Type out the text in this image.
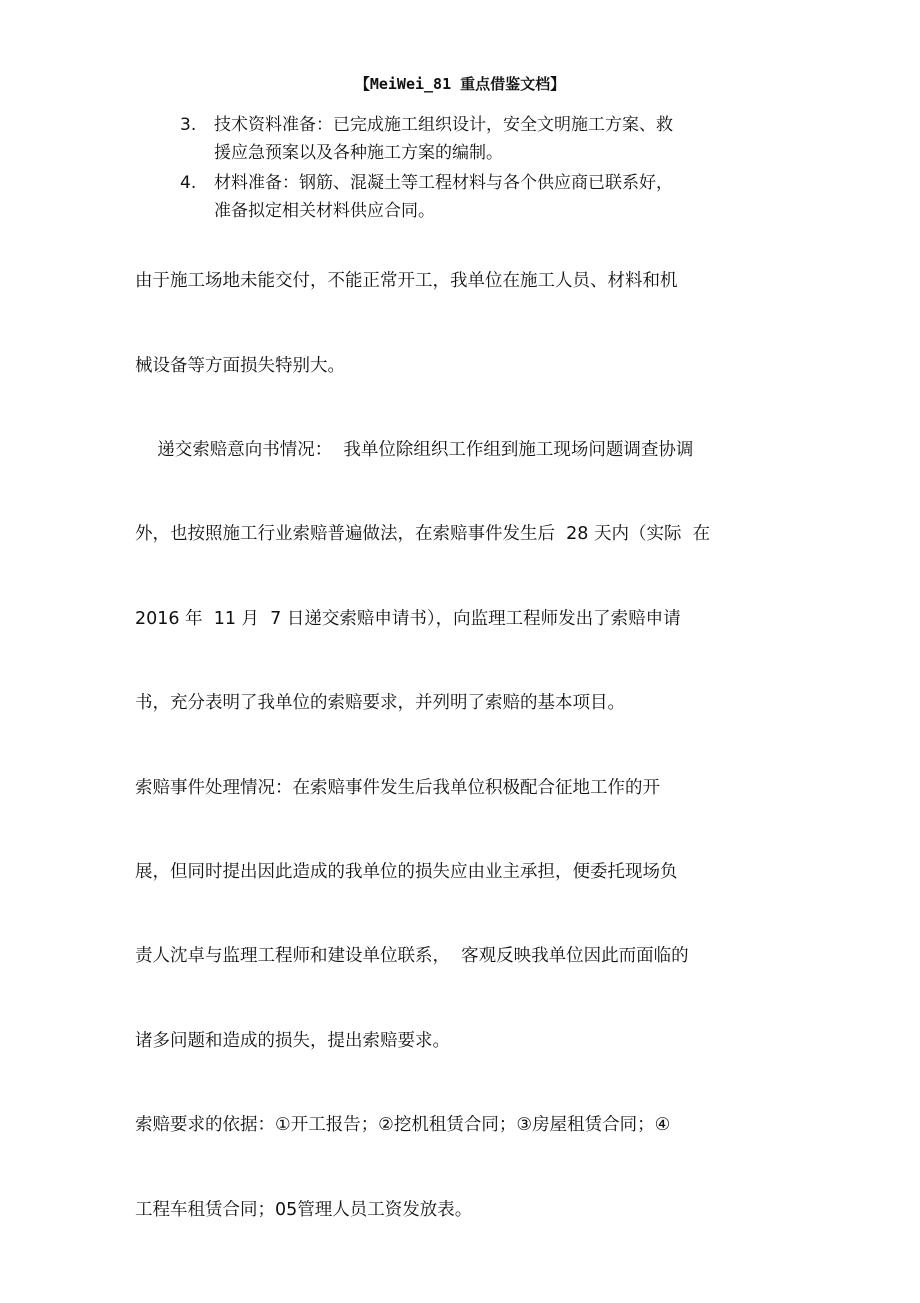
【MeiWei_81 重点借鉴文档】
3.	技术资料准备：已完成施工组织设计，安全文明施工方案、救
援应急预案以及各种施工方案的编制。
4.	材料准备：钢筋、混凝土等工程材料与各个供应商已联系好，
准备拟定相关材料供应合同。
由于施工场地未能交付，不能正常开工，我单位在施工人员、材料和机
械设备等方面损失特别大。
递交索赔意向书情况：  我单位除组织工作组到施工现场问题调查协调
外，也按照施工行业索赔普遍做法，在索赔事件发生后  28 天内（实际  在
2016 年  11 月  7 日递交索赔申请书），向监理工程师发出了索赔申请
书，充分表明了我单位的索赔要求，并列明了索赔的基本项目。
索赔事件处理情况：在索赔事件发生后我单位积极配合征地工作的开
展，但同时提出因此造成的我单位的损失应由业主承担，便委托现场负
责人沈卓与监理工程师和建设单位联系，  客观反映我单位因此而面临的
诸多问题和造成的损失，提出索赔要求。
索赔要求的依据：①开工报告；②挖机租赁合同；③房屋租赁合同；④
工程车租赁合同；05管理人员工资发放表。
